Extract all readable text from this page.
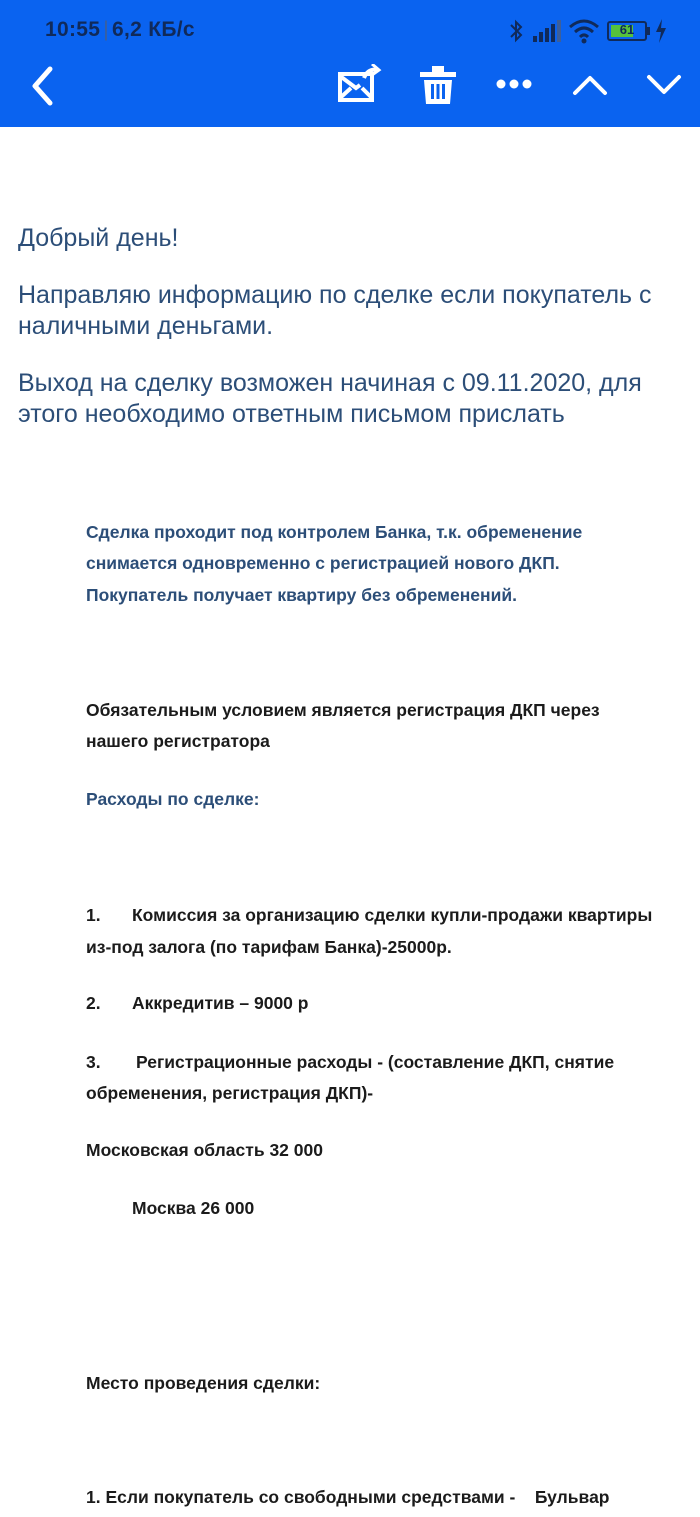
10:55 | 6,2 КБ/с	61
Добрый день!
Направляю информацию по сделке если покупатель с наличными деньгами.
Выход на сделку возможен начиная с 09.11.2020, для
этого необходимо ответным письмом прислать
Сделка проходит под контролем Банка, т.к. обременение
снимается одновременно с регистрацией нового ДКП.
Покупатель получает квартиру без обременений.
Обязательным условием является регистрация ДКП через
нашего регистратора
Расходы по сделке:
1. Комиссия за организацию сделки купли-продажи квартиры
из-под залога (по тарифам Банка)-25000р.
2. Аккредитив – 9000 р
3. Регистрационные расходы - (составление ДКП, снятие
обременения, регистрация ДКП)-
Московская область 32 000
Москва 26 000
Место проведения сделки:
1. Если покупатель со свободными средствами -    Бульвар
